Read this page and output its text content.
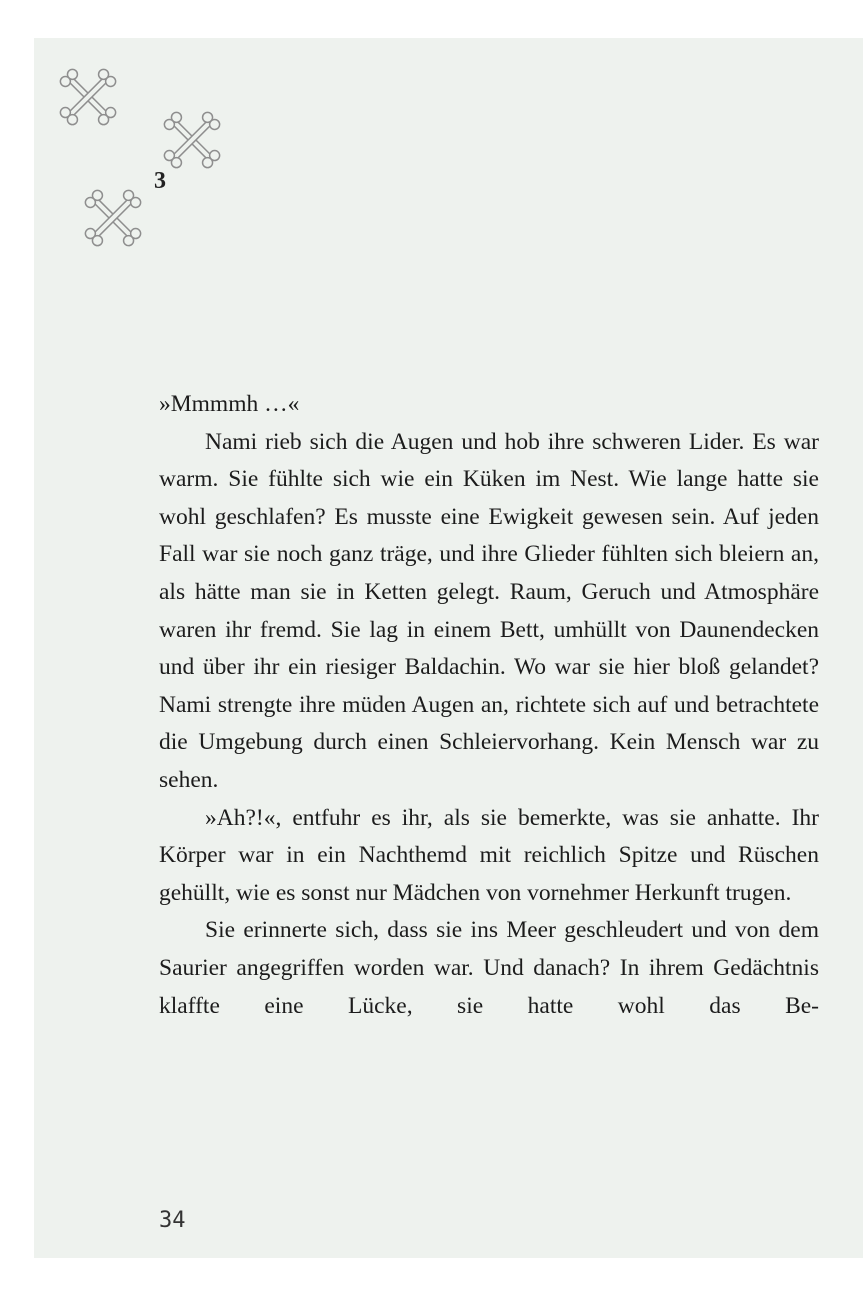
3

»Mmmmh …«

Nami rieb sich die Augen und hob ihre schweren Lider. Es war warm. Sie fühlte sich wie ein Küken im Nest. Wie lange hatte sie wohl geschlafen? Es musste eine Ewigkeit gewesen sein. Auf jeden Fall war sie noch ganz träge, und ihre Glieder fühlten sich bleiern an, als hätte man sie in Ketten gelegt. Raum, Geruch und Atmosphäre waren ihr fremd. Sie lag in einem Bett, umhüllt von Daunendecken und über ihr ein riesiger Baldachin. Wo war sie hier bloß gelandet? Nami strengte ihre müden Augen an, richtete sich auf und betrachtete die Umgebung durch einen Schleiervorhang. Kein Mensch war zu sehen.

»Ah?!«, entfuhr es ihr, als sie bemerkte, was sie anhatte. Ihr Körper war in ein Nachthemd mit reichlich Spitze und Rüschen gehüllt, wie es sonst nur Mädchen von vornehmer Herkunft trugen.

Sie erinnerte sich, dass sie ins Meer geschleudert und von dem Saurier angegriffen worden war. Und danach? In ihrem Gedächtnis klaffte eine Lücke, sie hatte wohl das Be-

34
